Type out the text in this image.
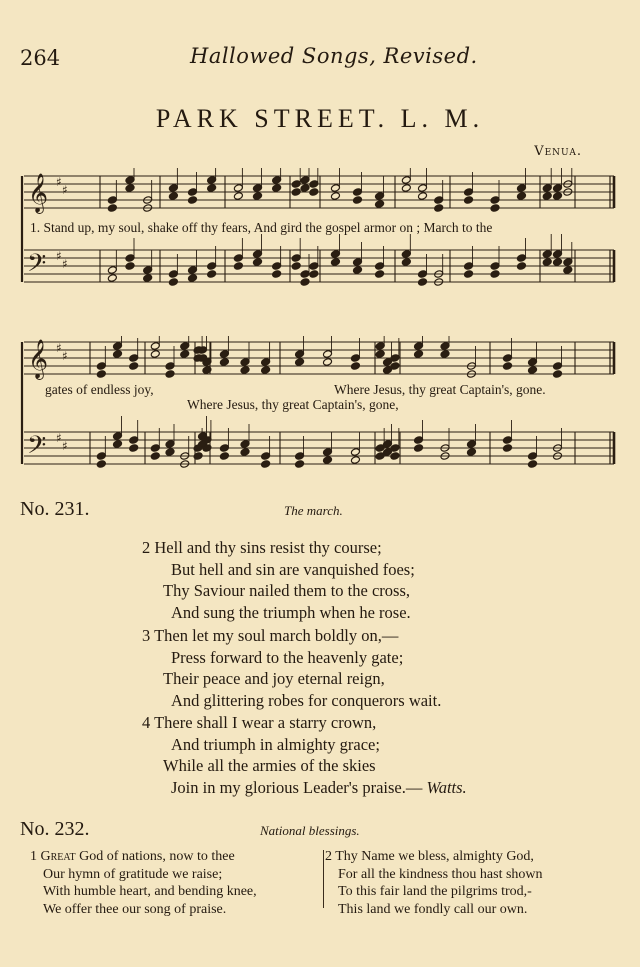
264	Hallowed Songs, Revised.
PARK STREET. L. M.
Venua.
𝄞 ♯
♯
𝄢 ♯
♯
1. Stand up, my soul, shake off thy fears, And gird the gospel armor on ; March to the
𝄞 ♯
♯
𝄢 ♯
♯
gates of endless joy,	Where Jesus, thy great Captain's, gone.
Where Jesus, thy great Captain's, gone,
No. 231.	The march.
2 Hell and thy sins resist thy course;
But hell and sin are vanquished foes;
Thy Saviour nailed them to the cross,
And sung the triumph when he rose.
3 Then let my soul march boldly on,—
Press forward to the heavenly gate;
Their peace and joy eternal reign,
And glittering robes for conquerors wait.
4 There shall I wear a starry crown,
And triumph in almighty grace;
While all the armies of the skies
Join in my glorious Leader's praise.— Watts.
No. 232.	National blessings.
1 Great God of nations, now to thee
Our hymn of gratitude we raise;
With humble heart, and bending knee,
We offer thee our song of praise.
2 Thy Name we bless, almighty God,
For all the kindness thou hast shown
To this fair land the pilgrims trod,-
This land we fondly call our own.
